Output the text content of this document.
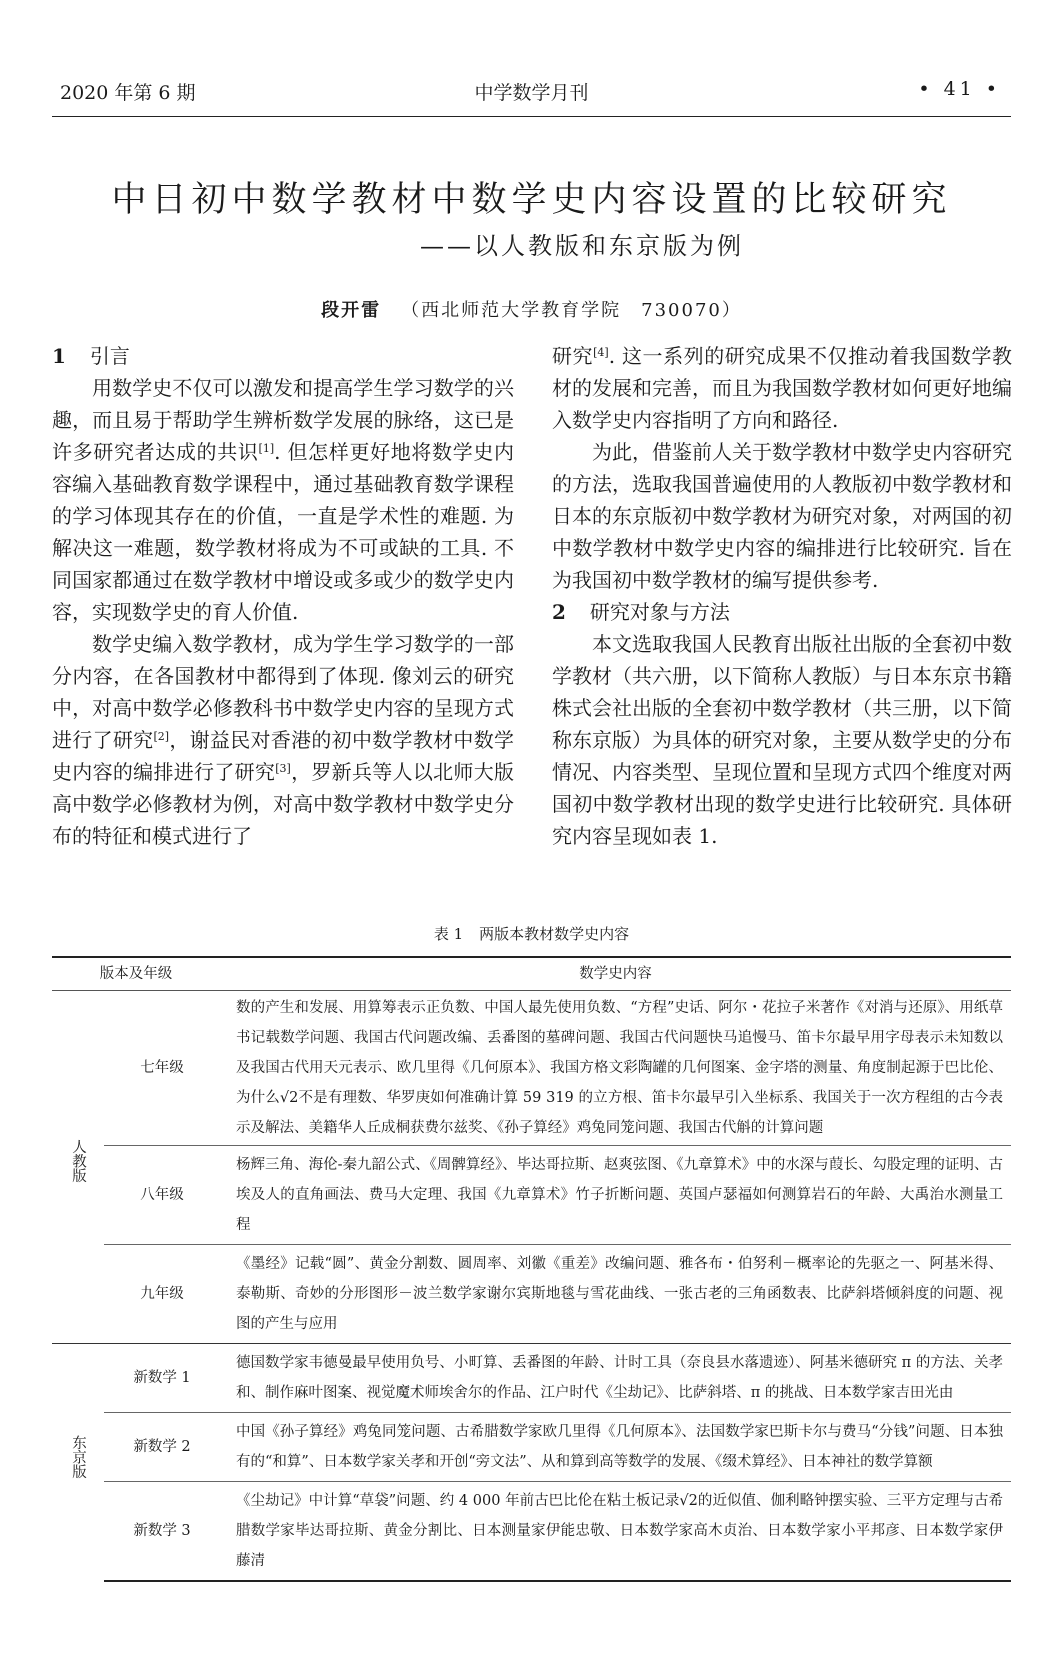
2020 年第 6 期	中学数学月刊	• 41 •
中日初中数学教材中数学史内容设置的比较研究
——以人教版和东京版为例
段开雷 （西北师范大学教育学院　730070）
1 引言

用数学史不仅可以激发和提高学生学习数学的兴趣，而且易于帮助学生辨析数学发展的脉络，这已是许多研究者达成的共识[1]. 但怎样更好地将数学史内容编入基础教育数学课程中，通过基础教育数学课程的学习体现其存在的价值，一直是学术性的难题. 为解决这一难题，数学教材将成为不可或缺的工具. 不同国家都通过在数学教材中增设或多或少的数学史内容，实现数学史的育人价值.

数学史编入数学教材，成为学生学习数学的一部分内容，在各国教材中都得到了体现. 像刘云的研究中，对高中数学必修教科书中数学史内容的呈现方式进行了研究[2]，谢益民对香港的初中数学教材中数学史内容的编排进行了研究[3]，罗新兵等人以北师大版高中数学必修教材为例，对高中数学教材中数学史分布的特征和模式进行了

研究[4]. 这一系列的研究成果不仅推动着我国数学教材的发展和完善，而且为我国数学教材如何更好地编入数学史内容指明了方向和路径.

为此，借鉴前人关于数学教材中数学史内容研究的方法，选取我国普遍使用的人教版初中数学教材和日本的东京版初中数学教材为研究对象，对两国的初中数学教材中数学史内容的编排进行比较研究. 旨在为我国初中数学教材的编写提供参考.

2 研究对象与方法

本文选取我国人民教育出版社出版的全套初中数学教材（共六册，以下简称人教版）与日本东京书籍株式会社出版的全套初中数学教材（共三册，以下简称东京版）为具体的研究对象，主要从数学史的分布情况、内容类型、呈现位置和呈现方式四个维度对两国初中数学教材出现的数学史进行比较研究. 具体研究内容呈现如表 1.

表 1 两版本教材数学史内容
版本及年级		数学史内容
人教版	七年级	数的产生和发展、用算筹表示正负数、中国人最先使用负数、“方程”史话、阿尔・花拉子米著作《对消与还原》、用纸草书记载数学问题、我国古代问题改编、丢番图的墓碑问题、我国古代问题快马追慢马、笛卡尔最早用字母表示未知数以及我国古代用天元表示、欧几里得《几何原本》、我国方格文彩陶罐的几何图案、金字塔的测量、角度制起源于巴比伦、为什么√2不是有理数、华罗庚如何准确计算 59 319 的立方根、笛卡尔最早引入坐标系、我国关于一次方程组的古今表示及解法、美籍华人丘成桐获费尔兹奖、《孙子算经》鸡兔同笼问题、我国古代斛的计算问题
	八年级	杨辉三角、海伦-秦九韶公式、《周髀算经》、毕达哥拉斯、赵爽弦图、《九章算术》中的水深与葭长、勾股定理的证明、古埃及人的直角画法、费马大定理、我国《九章算术》竹子折断问题、英国卢瑟福如何测算岩石的年龄、大禹治水测量工程
	九年级	《墨经》记载“圆”、黄金分割数、圆周率、刘徽《重差》改编问题、雅各布・伯努利－概率论的先驱之一、阿基米得、泰勒斯、奇妙的分形图形－波兰数学家谢尔宾斯地毯与雪花曲线、一张古老的三角函数表、比萨斜塔倾斜度的问题、视图的产生与应用
东京版	新数学 1	德国数学家韦德曼最早使用负号、小町算、丢番图的年龄、计时工具（奈良县水落遗迹）、阿基米德研究 π 的方法、关孝和、制作麻叶图案、视觉魔术师埃舍尔的作品、江户时代《尘劫记》、比萨斜塔、π 的挑战、日本数学家吉田光由
	新数学 2	中国《孙子算经》鸡兔同笼问题、古希腊数学家欧几里得《几何原本》、法国数学家巴斯卡尔与费马“分钱”问题、日本独有的“和算”、日本数学家关孝和开创“旁文法”、从和算到高等数学的发展、《缀术算经》、日本神社的数学算额
	新数学 3	《尘劫记》中计算“草袋”问题、约 4 000 年前古巴比伦在粘土板记录√2的近似值、伽利略钟摆实验、三平方定理与古希腊数学家毕达哥拉斯、黄金分割比、日本测量家伊能忠敬、日本数学家高木贞治、日本数学家小平邦彦、日本数学家伊藤清
